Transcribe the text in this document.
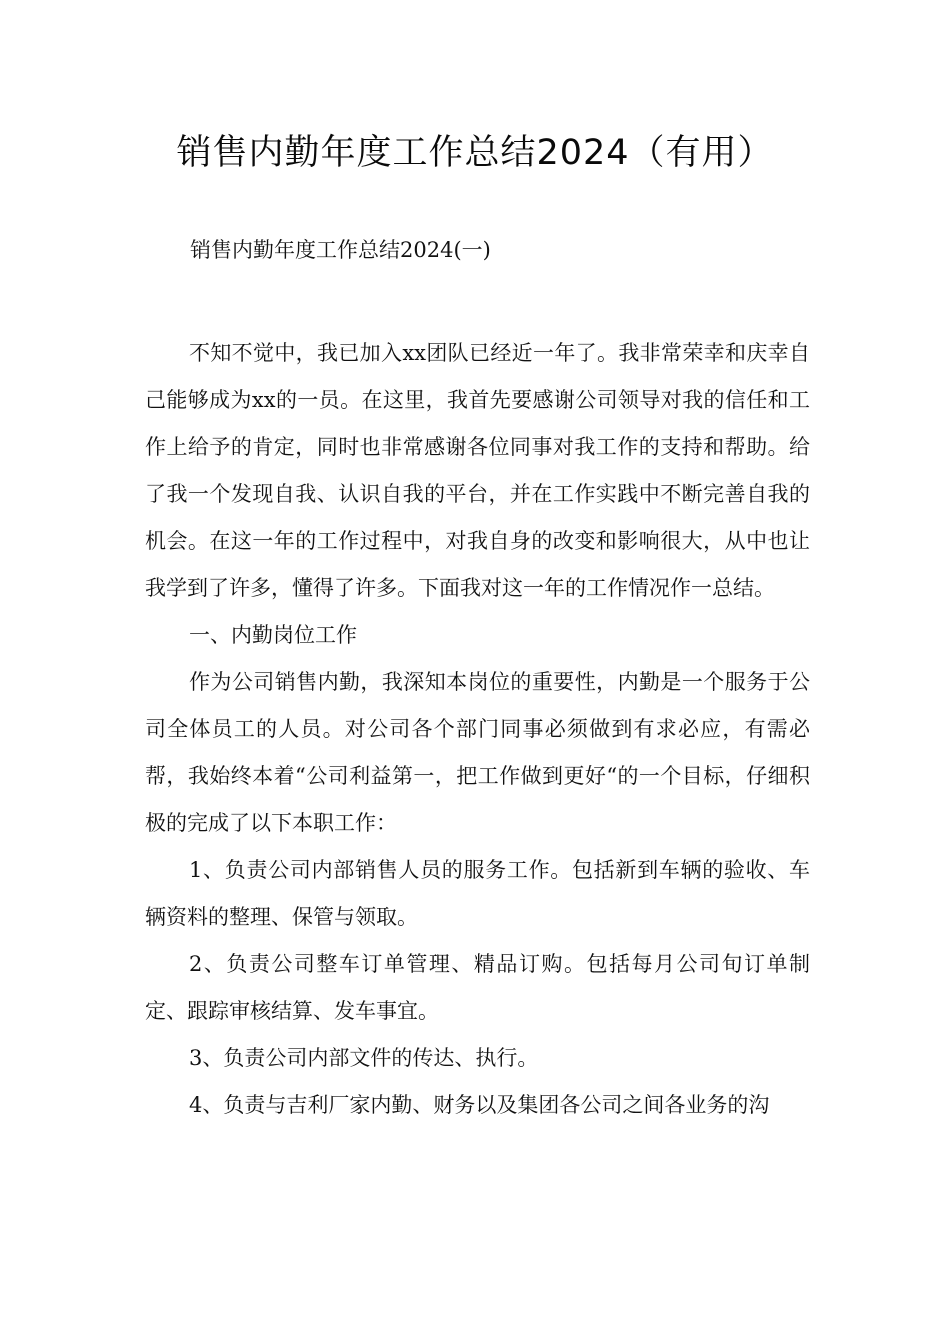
销售内勤年度工作总结2024（有用）
销售内勤年度工作总结2024(一)

不知不觉中，我已加入xx团队已经近一年了。我非常荣幸和庆幸自己能够成为xx的一员。在这里，我首先要感谢公司领导对我的信任和工作上给予的肯定，同时也非常感谢各位同事对我工作的支持和帮助。给了我一个发现自我、认识自我的平台，并在工作实践中不断完善自我的机会。在这一年的工作过程中，对我自身的改变和影响很大，从中也让我学到了许多，懂得了许多。下面我对这一年的工作情况作一总结。

一、内勤岗位工作

作为公司销售内勤，我深知本岗位的重要性，内勤是一个服务于公司全体员工的人员。对公司各个部门同事必须做到有求必应，有需必帮，我始终本着“公司利益第一，把工作做到更好“的一个目标，仔细积极的完成了以下本职工作：

1、负责公司内部销售人员的服务工作。包括新到车辆的验收、车辆资料的整理、保管与领取。

2、负责公司整车订单管理、精品订购。包括每月公司旬订单制定、跟踪审核结算、发车事宜。

3、负责公司内部文件的传达、执行。

4、负责与吉利厂家内勤、财务以及集团各公司之间各业务的沟
